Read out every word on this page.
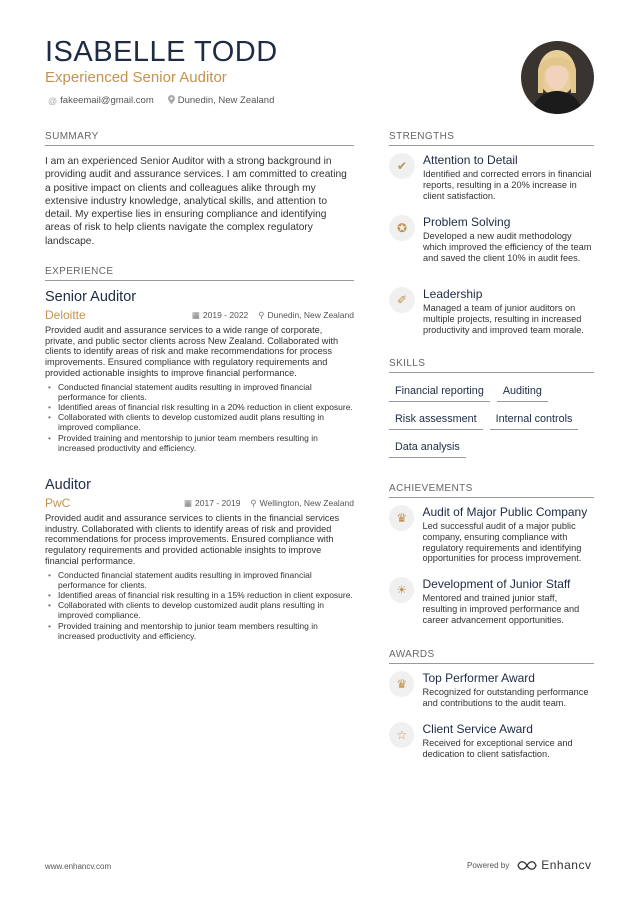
ISABELLE TODD
Experienced Senior Auditor
@ fakeemail@gmail.com	Dunedin, New Zealand
SUMMARY
I am an experienced Senior Auditor with a strong background in providing audit and assurance services. I am committed to creating a positive impact on clients and colleagues alike through my extensive industry knowledge, analytical skills, and attention to detail. My expertise lies in ensuring compliance and identifying areas of risk to help clients navigate the complex regulatory landscape.
EXPERIENCE
Senior Auditor
Deloitte	▦ 2019 - 2022 ⚲ Dunedin, New Zealand
Provided audit and assurance services to a wide range of corporate, private, and public sector clients across New Zealand. Collaborated with clients to identify areas of risk and make recommendations for process improvements. Ensured compliance with regulatory requirements and provided actionable insights to improve financial performance.
• Conducted financial statement audits resulting in improved financial performance for clients.
• Identified areas of financial risk resulting in a 20% reduction in client exposure.
• Collaborated with clients to develop customized audit plans resulting in improved compliance.
• Provided training and mentorship to junior team members resulting in increased productivity and efficiency.
Auditor
PwC	▦ 2017 - 2019 ⚲ Wellington, New Zealand
Provided audit and assurance services to clients in the financial services industry. Collaborated with clients to identify areas of risk and provided recommendations for process improvements. Ensured compliance with regulatory requirements and provided actionable insights to improve financial performance.
• Conducted financial statement audits resulting in improved financial performance for clients.
• Identified areas of financial risk resulting in a 15% reduction in client exposure.
• Collaborated with clients to develop customized audit plans resulting in improved compliance.
• Provided training and mentorship to junior team members resulting in increased productivity and efficiency.
STRENGTHS
✔	Attention to Detail
Identified and corrected errors in financial reports, resulting in a 20% increase in client satisfaction.
✪	Problem Solving
Developed a new audit methodology which improved the efficiency of the team and saved the client 10% in audit fees.
✐	Leadership
Managed a team of junior auditors on multiple projects, resulting in increased productivity and improved team morale.
SKILLS
Financial reporting	Auditing
Risk assessment	Internal controls
Data analysis
ACHIEVEMENTS
♛	Audit of Major Public Company
Led successful audit of a major public company, ensuring compliance with regulatory requirements and identifying opportunities for process improvement.
☀	Development of Junior Staff
Mentored and trained junior staff, resulting in improved performance and career advancement opportunities.
AWARDS
♛	Top Performer Award
Recognized for outstanding performance and contributions to the audit team.
☆	Client Service Award
Received for exceptional service and dedication to client satisfaction.
www.enhancv.com	Powered by	Enhancv
